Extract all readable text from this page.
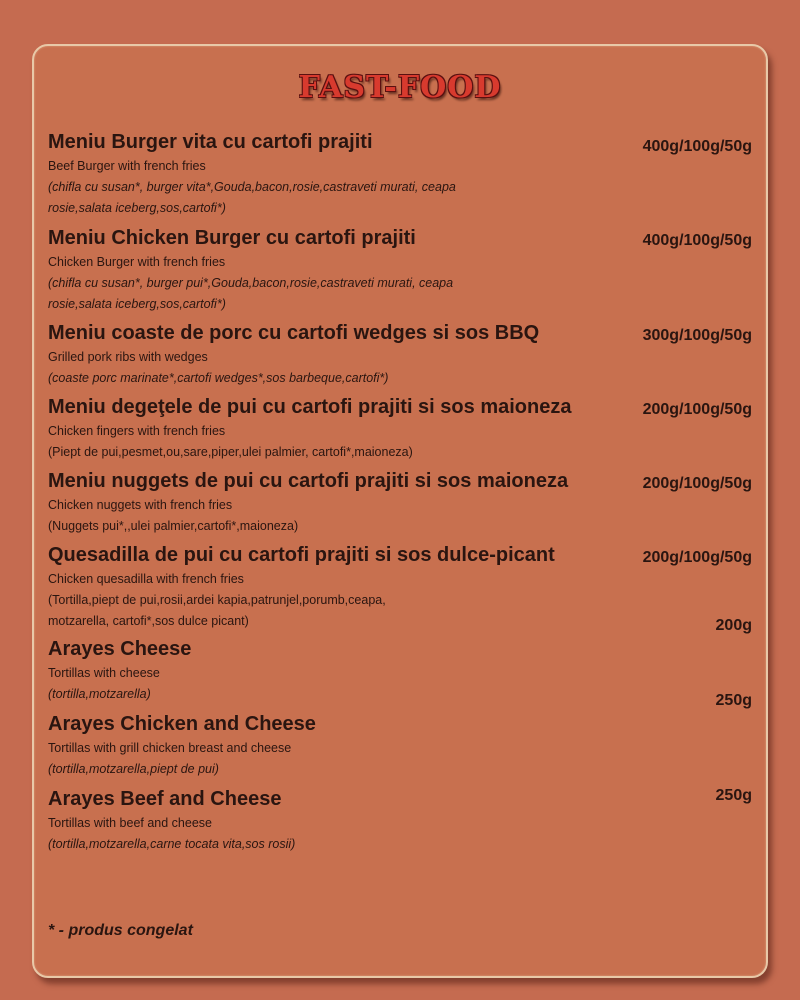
FAST-FOOD
400g/100g/50g
Meniu Burger vita cu cartofi prajiti
Beef Burger with french fries
(chifla cu susan*, burger vita*,Gouda,bacon,rosie,castraveti murati, ceapa rosie,salata iceberg,sos,cartofi*)
400g/100g/50g
Meniu Chicken Burger cu cartofi prajiti
Chicken Burger with french fries
(chifla cu susan*, burger pui*,Gouda,bacon,rosie,castraveti murati, ceapa rosie,salata iceberg,sos,cartofi*)
300g/100g/50g
Meniu coaste de porc cu cartofi wedges si sos BBQ
Grilled pork ribs with wedges
(coaste porc marinate*,cartofi wedges*,sos barbeque,cartofi*)
200g/100g/50g
Meniu degeţele de pui cu cartofi prajiti si sos maioneza
Chicken fingers with french fries
(Piept de pui,pesmet,ou,sare,piper,ulei palmier, cartofi*,maioneza)
200g/100g/50g
Meniu nuggets de pui cu cartofi prajiti si sos maioneza
Chicken nuggets with french fries
(Nuggets pui*,,ulei palmier,cartofi*,maioneza)
200g/100g/50g
Quesadilla de pui cu cartofi prajiti si sos dulce-picant
Chicken quesadilla with french fries
(Tortilla,piept de pui,rosii,ardei kapia,patrunjel,porumb,ceapa, motzarella, cartofi*,sos dulce picant)	200g
Arayes Cheese
Tortillas with cheese
(tortilla,motzarella)	250g
Arayes Chicken and Cheese
Tortillas with grill chicken breast and cheese
(tortilla,motzarella,piept de pui)
250g
Arayes Beef and Cheese
Tortillas with beef and cheese
(tortilla,motzarella,carne tocata vita,sos rosii)
* - produs congelat
